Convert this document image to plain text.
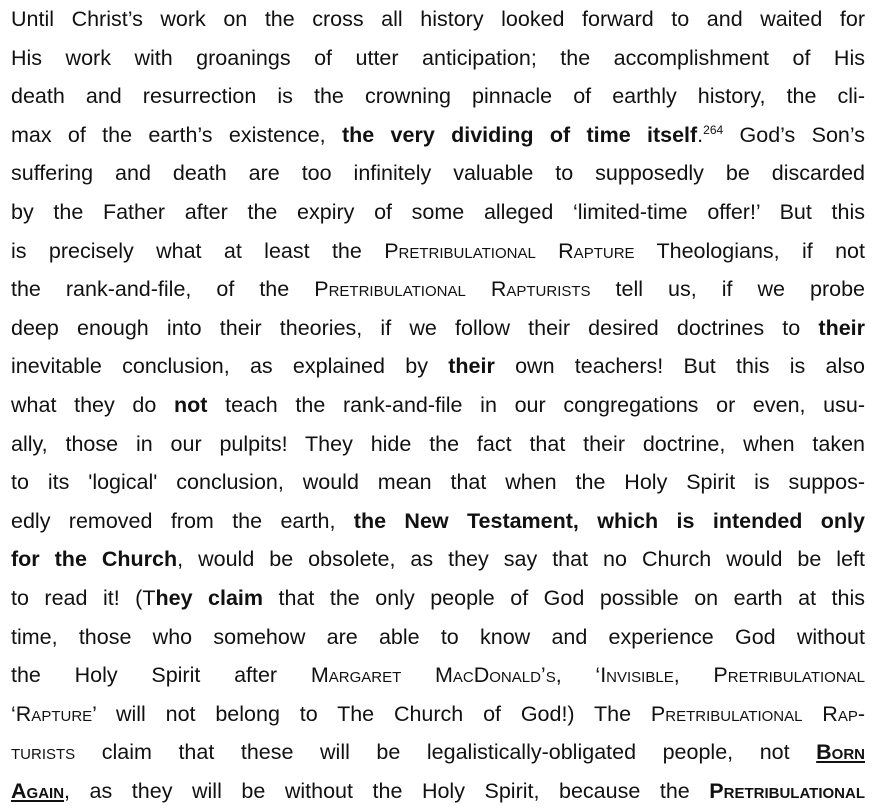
Until Christ’s work on the cross all history looked forward to and waited for
His work with groanings of utter anticipation; the accomplishment of His
death and resurrection is the crowning pinnacle of earthly history, the cli-
max of the earth’s existence, the very dividing of time itself.$^{264}$ God’s Son’s
suffering and death are too infinitely valuable to supposedly be discarded
by the Father after the expiry of some alleged ‘limited-time offer!’ But this
is precisely what at least the Pretribulational Rapture Theologians, if not
the rank-and-file, of the Pretribulational Rapturists tell us, if we probe
deep enough into their theories, if we follow their desired doctrines to their
inevitable conclusion, as explained by their own teachers! But this is also
what they do not teach the rank-and-file in our congregations or even, usu-
ally, those in our pulpits! They hide the fact that their doctrine, when taken
to its 'logical' conclusion, would mean that when the Holy Spirit is suppos-
edly removed from the earth, the New Testament, which is intended only
for the Church, would be obsolete, as they say that no Church would be left
to read it! (They claim that the only people of God possible on earth at this
time, those who somehow are able to know and experience God without
the Holy Spirit after Margaret MacDonald’s, ‘Invisible, Pretribulational
‘Rapture’ will not belong to The Church of God!) The Pretribulational Rap-
turists claim that these will be legalistically-obligated people, not Born
Again, as they will be without the Holy Spirit, because the Pretribulational
